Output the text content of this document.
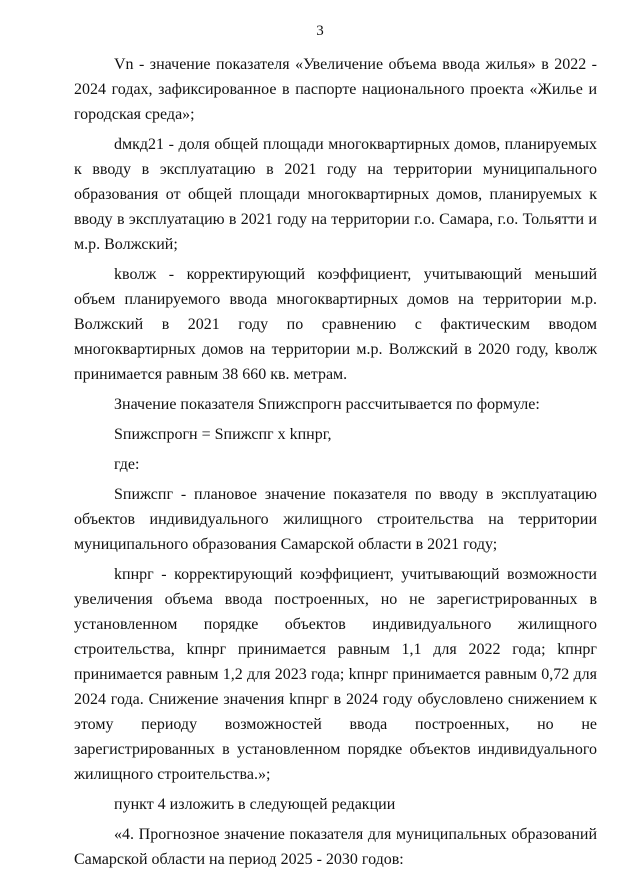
3

Vn - значение показателя «Увеличение объема ввода жилья» в 2022 - 2024 годах, зафиксированное в паспорте национального проекта «Жилье и городская среда»;

dмкд21 - доля общей площади многоквартирных домов, планируемых к вводу в эксплуатацию в 2021 году на территории муниципального образования от общей площади многоквартирных домов, планируемых к вводу в эксплуатацию в 2021 году на территории г.о. Самара, г.о. Тольятти и м.р. Волжский;

kволж - корректирующий коэффициент, учитывающий меньший объем планируемого ввода многоквартирных домов на территории м.р. Волжский в 2021 году по сравнению с фактическим вводом многоквартирных домов на территории м.р. Волжский в 2020 году, kволж принимается равным 38 660 кв. метрам.

Значение показателя Sпижспрогн рассчитывается по формуле:

Sпижспрогн = Sпижспг x kпнрг,

где:

Sпижспг - плановое значение показателя по вводу в эксплуатацию объектов индивидуального жилищного строительства на территории муниципального образования Самарской области в 2021 году;

kпнрг - корректирующий коэффициент, учитывающий возможности увеличения объема ввода построенных, но не зарегистрированных в установленном порядке объектов индивидуального жилищного строительства, kпнрг принимается равным 1,1 для 2022 года; kпнрг принимается равным 1,2 для 2023 года; kпнрг принимается равным 0,72 для 2024 года. Снижение значения kпнрг в 2024 году обусловлено снижением к этому периоду возможностей ввода построенных, но не зарегистрированных в установленном порядке объектов индивидуального жилищного строительства.»;

пункт 4 изложить в следующей редакции

«4. Прогнозное значение показателя для муниципальных образований Самарской области на период 2025 - 2030 годов:
